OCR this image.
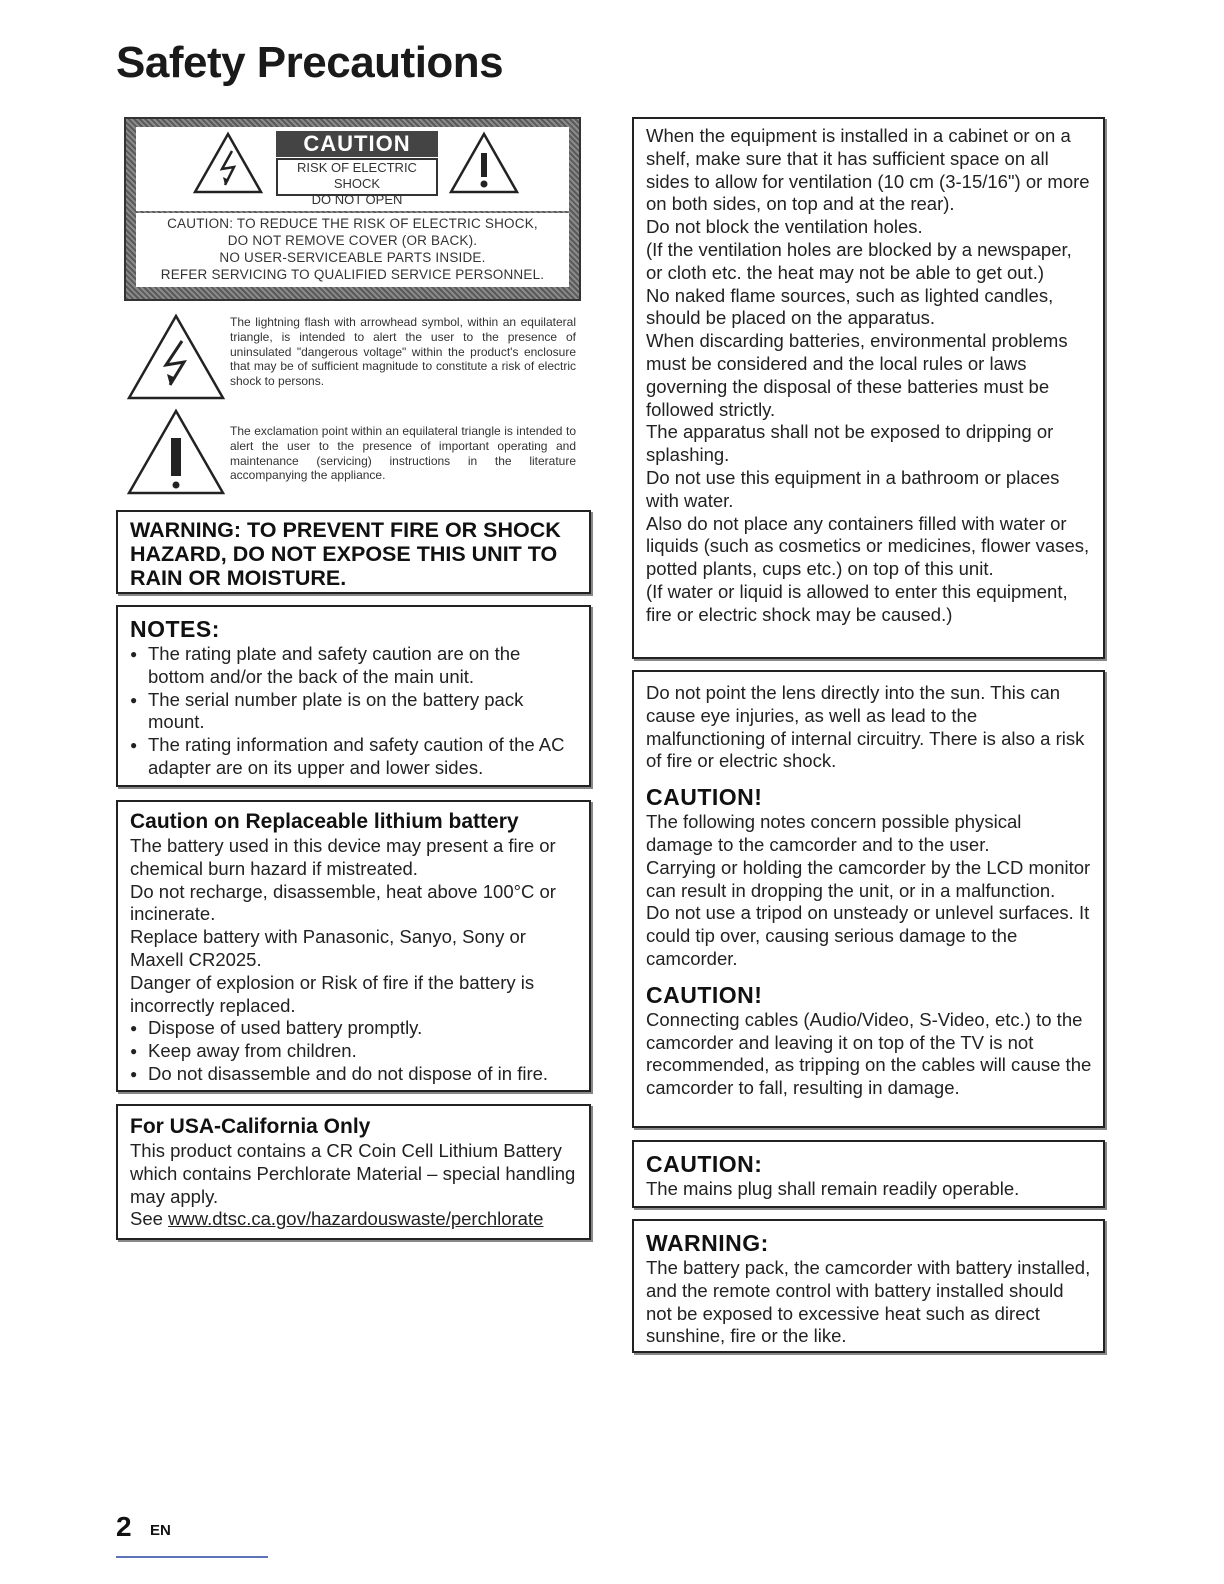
Safety Precautions
CAUTION
RISK OF ELECTRIC SHOCK
DO NOT OPEN
CAUTION: TO REDUCE THE RISK OF ELECTRIC SHOCK,
DO NOT REMOVE COVER (OR BACK).
NO USER-SERVICEABLE PARTS INSIDE.
REFER SERVICING TO QUALIFIED SERVICE PERSONNEL.
The lightning flash with arrowhead symbol, within an equilateral triangle, is intended to alert the user to the presence of uninsulated "dangerous voltage" within the product's enclosure that may be of sufficient magnitude to constitute a risk of electric shock to persons.
The exclamation point within an equilateral triangle is intended to alert the user to the presence of important operating and maintenance (servicing) instructions in the literature accompanying the appliance.
WARNING: TO PREVENT FIRE OR SHOCK
HAZARD, DO NOT EXPOSE THIS UNIT TO
RAIN OR MOISTURE.
NOTES:
● The rating plate and safety caution are on the bottom and/or the back of the main unit.
● The serial number plate is on the battery pack mount.
● The rating information and safety caution of the AC adapter are on its upper and lower sides.
Caution on Replaceable lithium battery

The battery used in this device may present a fire or chemical burn hazard if mistreated.

Do not recharge, disassemble, heat above 100°C or incinerate.

Replace battery with Panasonic, Sanyo, Sony or Maxell CR2025.

Danger of explosion or Risk of fire if the battery is incorrectly replaced.

● Dispose of used battery promptly.
● Keep away from children.
● Do not disassemble and do not dispose of in fire.
For USA-California Only

This product contains a CR Coin Cell Lithium Battery which contains Perchlorate Material – special handling may apply.

See www.dtsc.ca.gov/hazardouswaste/perchlorate

When the equipment is installed in a cabinet or on a shelf, make sure that it has sufficient space on all sides to allow for ventilation (10 cm (3-15/16") or more on both sides, on top and at the rear).

Do not block the ventilation holes.

(If the ventilation holes are blocked by a newspaper, or cloth etc. the heat may not be able to get out.)

No naked flame sources, such as lighted candles, should be placed on the apparatus.

When discarding batteries, environmental problems must be considered and the local rules or laws governing the disposal of these batteries must be followed strictly.

The apparatus shall not be exposed to dripping or splashing.

Do not use this equipment in a bathroom or places with water.

Also do not place any containers filled with water or liquids (such as cosmetics or medicines, flower vases, potted plants, cups etc.) on top of this unit.

(If water or liquid is allowed to enter this equipment, fire or electric shock may be caused.)

Do not point the lens directly into the sun. This can cause eye injuries, as well as lead to the malfunctioning of internal circuitry. There is also a risk of fire or electric shock.

CAUTION!

The following notes concern possible physical damage to the camcorder and to the user.

Carrying or holding the camcorder by the LCD monitor can result in dropping the unit, or in a malfunction.

Do not use a tripod on unsteady or unlevel surfaces. It could tip over, causing serious damage to the camcorder.

CAUTION!

Connecting cables (Audio/Video, S-Video, etc.) to the camcorder and leaving it on top of the TV is not recommended, as tripping on the cables will cause the camcorder to fall, resulting in damage.

CAUTION:

The mains plug shall remain readily operable.

WARNING:

The battery pack, the camcorder with battery installed, and the remote control with battery installed should not be exposed to excessive heat such as direct sunshine, fire or the like.

2 EN
